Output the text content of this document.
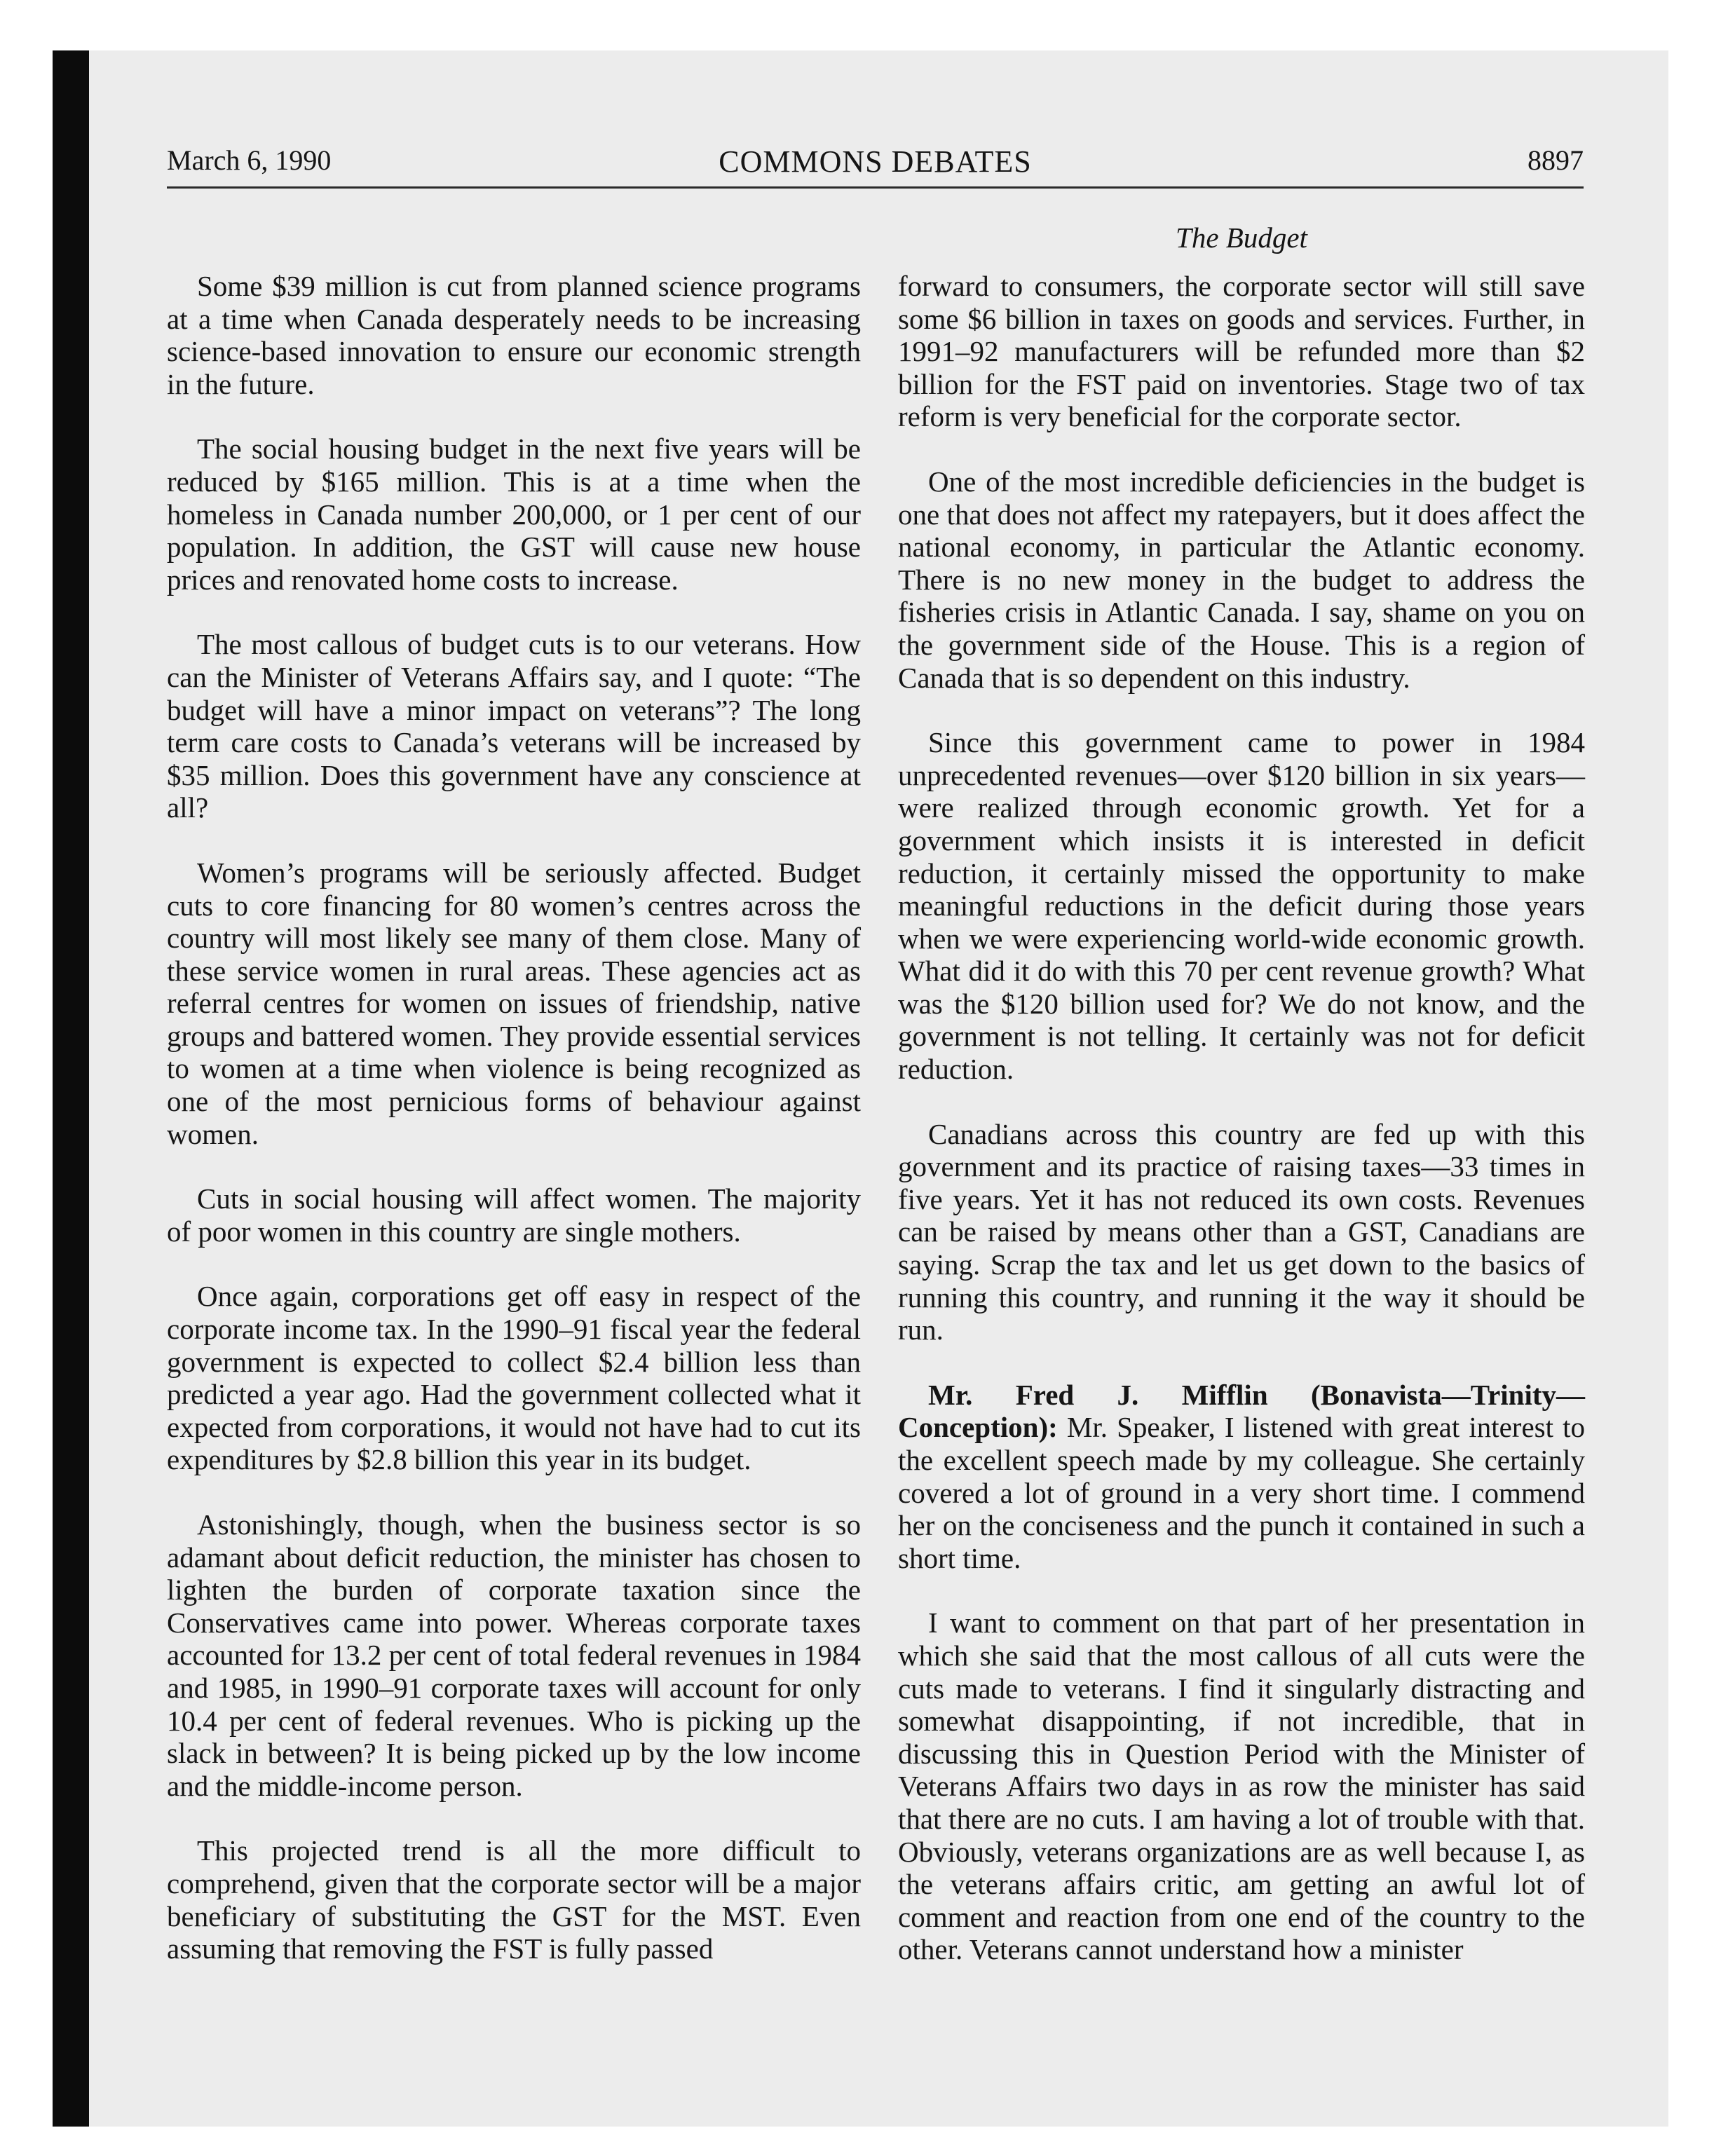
March 6, 1990	COMMONS DEBATES	8897
The Budget

Some $39 million is cut from planned science programs at a time when Canada desperately needs to be increasing science-based innovation to ensure our economic strength in the future.

The social housing budget in the next five years will be reduced by $165 million. This is at a time when the homeless in Canada number 200,000, or 1 per cent of our population. In addition, the GST will cause new house prices and renovated home costs to increase.

The most callous of budget cuts is to our veterans. How can the Minister of Veterans Affairs say, and I quote: “The budget will have a minor impact on veterans”? The long term care costs to Canada’s veterans will be increased by $35 million. Does this government have any conscience at all?

Women’s programs will be seriously affected. Budget cuts to core financing for 80 women’s centres across the country will most likely see many of them close. Many of these service women in rural areas. These agencies act as referral centres for women on issues of friendship, native groups and battered women. They provide essential services to women at a time when violence is being recognized as one of the most pernicious forms of behaviour against women.

Cuts in social housing will affect women. The majority of poor women in this country are single mothers.

Once again, corporations get off easy in respect of the corporate income tax. In the 1990–91 fiscal year the federal government is expected to collect $2.4 billion less than predicted a year ago. Had the government collected what it expected from corporations, it would not have had to cut its expenditures by $2.8 billion this year in its budget.

Astonishingly, though, when the business sector is so adamant about deficit reduction, the minister has chosen to lighten the burden of corporate taxation since the Conservatives came into power. Whereas corporate taxes accounted for 13.2 per cent of total federal revenues in 1984 and 1985, in 1990–91 corporate taxes will account for only 10.4 per cent of federal revenues. Who is picking up the slack in between? It is being picked up by the low income and the middle-income person.

This projected trend is all the more difficult to comprehend, given that the corporate sector will be a major beneficiary of substituting the GST for the MST. Even assuming that removing the FST is fully passed

forward to consumers, the corporate sector will still save some $6 billion in taxes on goods and services. Further, in 1991–92 manufacturers will be refunded more than $2 billion for the FST paid on inventories. Stage two of tax reform is very beneficial for the corporate sector.

One of the most incredible deficiencies in the budget is one that does not affect my ratepayers, but it does affect the national economy, in particular the Atlantic economy. There is no new money in the budget to address the fisheries crisis in Atlantic Canada. I say, shame on you on the government side of the House. This is a region of Canada that is so dependent on this industry.

Since this government came to power in 1984 unprecedented revenues—over $120 billion in six years—were realized through economic growth. Yet for a government which insists it is interested in deficit reduction, it certainly missed the opportunity to make meaningful reductions in the deficit during those years when we were experiencing world-wide economic growth. What did it do with this 70 per cent revenue growth? What was the $120 billion used for? We do not know, and the government is not telling. It certainly was not for deficit reduction.

Canadians across this country are fed up with this government and its practice of raising taxes—33 times in five years. Yet it has not reduced its own costs. Revenues can be raised by means other than a GST, Canadians are saying. Scrap the tax and let us get down to the basics of running this country, and running it the way it should be run.

Mr. Fred J. Mifflin (Bonavista—Trinity—Conception): Mr. Speaker, I listened with great interest to the excellent speech made by my colleague. She certainly covered a lot of ground in a very short time. I commend her on the conciseness and the punch it contained in such a short time.

I want to comment on that part of her presentation in which she said that the most callous of all cuts were the cuts made to veterans. I find it singularly distracting and somewhat disappointing, if not incredible, that in discussing this in Question Period with the Minister of Veterans Affairs two days in as row the minister has said that there are no cuts. I am having a lot of trouble with that. Obviously, veterans organizations are as well because I, as the veterans affairs critic, am getting an awful lot of comment and reaction from one end of the country to the other. Veterans cannot understand how a minister
